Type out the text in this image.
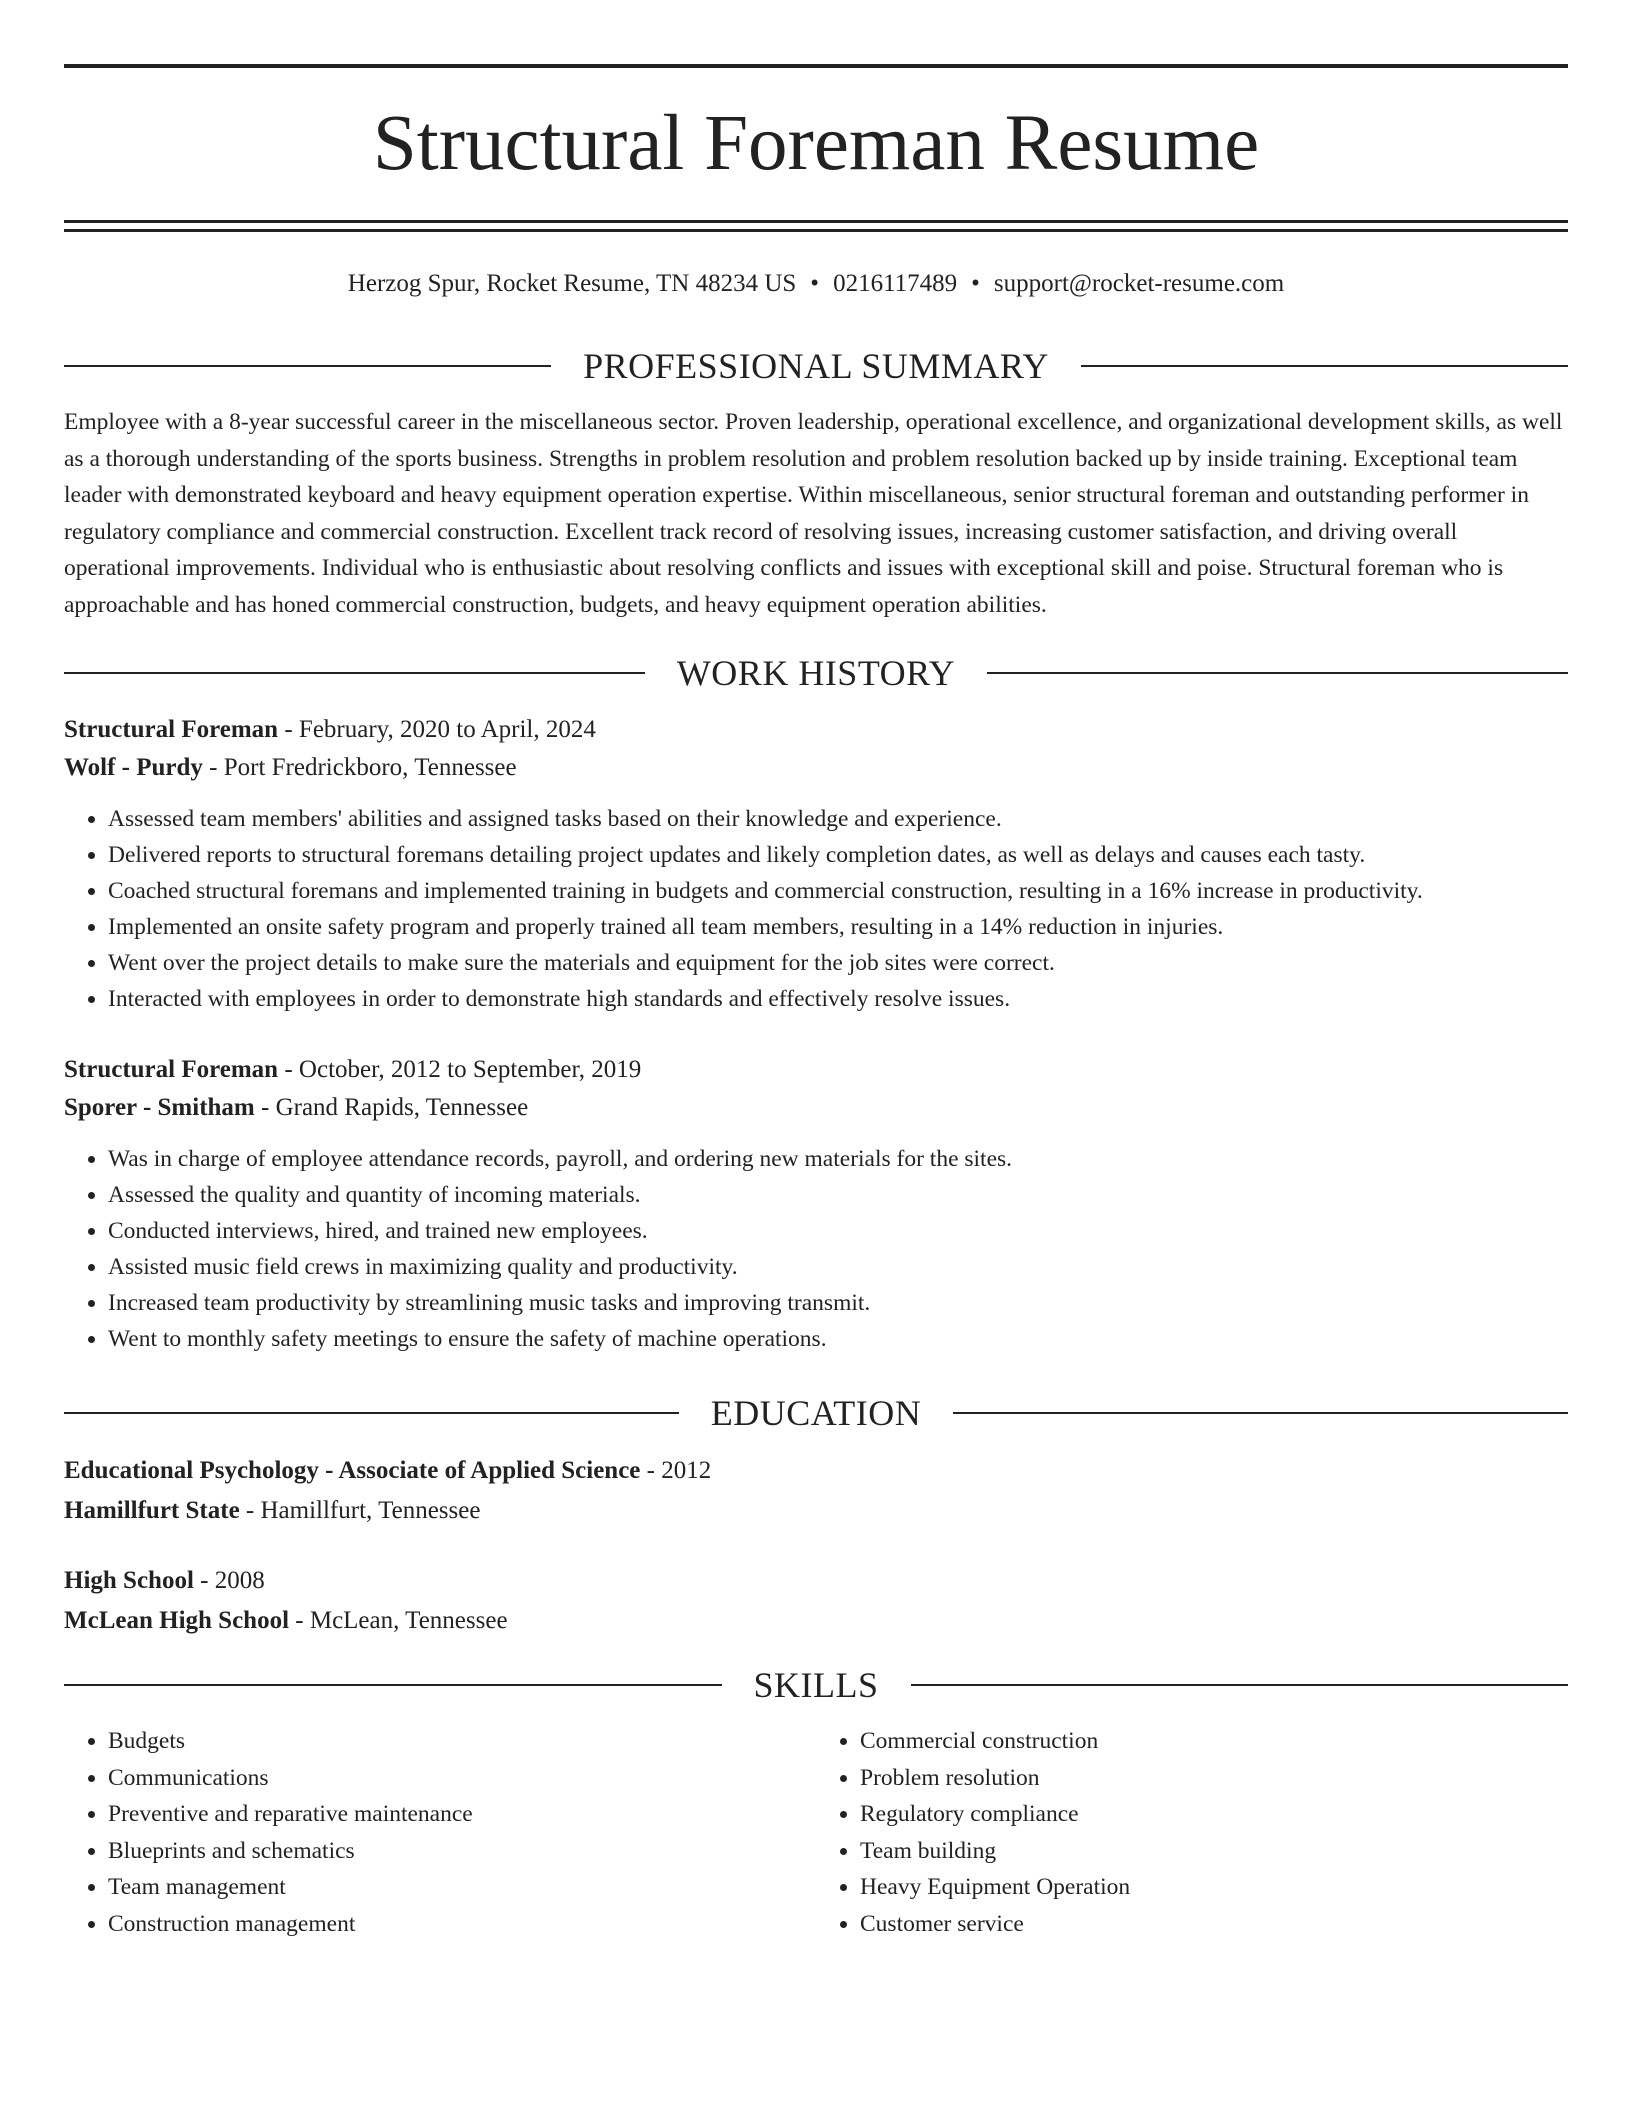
Structural Foreman Resume
Herzog Spur, Rocket Resume, TN 48234 US • 0216117489 • support@rocket-resume.com
PROFESSIONAL SUMMARY

Employee with a 8-year successful career in the miscellaneous sector. Proven leadership, operational excellence, and organizational development skills, as well as a thorough understanding of the sports business. Strengths in problem resolution and problem resolution backed up by inside training. Exceptional team leader with demonstrated keyboard and heavy equipment operation expertise. Within miscellaneous, senior structural foreman and outstanding performer in regulatory compliance and commercial construction. Excellent track record of resolving issues, increasing customer satisfaction, and driving overall operational improvements. Individual who is enthusiastic about resolving conflicts and issues with exceptional skill and poise. Structural foreman who is approachable and has honed commercial construction, budgets, and heavy equipment operation abilities.

WORK HISTORY
Structural Foreman - February, 2020 to April, 2024
Wolf - Purdy - Port Fredrickboro, Tennessee
• Assessed team members' abilities and assigned tasks based on their knowledge and experience.
• Delivered reports to structural foremans detailing project updates and likely completion dates, as well as delays and causes each tasty.
• Coached structural foremans and implemented training in budgets and commercial construction, resulting in a 16% increase in productivity.
• Implemented an onsite safety program and properly trained all team members, resulting in a 14% reduction in injuries.
• Went over the project details to make sure the materials and equipment for the job sites were correct.
• Interacted with employees in order to demonstrate high standards and effectively resolve issues.
Structural Foreman - October, 2012 to September, 2019
Sporer - Smitham - Grand Rapids, Tennessee
• Was in charge of employee attendance records, payroll, and ordering new materials for the sites.
• Assessed the quality and quantity of incoming materials.
• Conducted interviews, hired, and trained new employees.
• Assisted music field crews in maximizing quality and productivity.
• Increased team productivity by streamlining music tasks and improving transmit.
• Went to monthly safety meetings to ensure the safety of machine operations.
EDUCATION
Educational Psychology - Associate of Applied Science - 2012
Hamillfurt State - Hamillfurt, Tennessee
High School - 2008
McLean High School - McLean, Tennessee
SKILLS
• Budgets
• Communications
• Preventive and reparative maintenance
• Blueprints and schematics
• Team management
• Construction management
• Commercial construction
• Problem resolution
• Regulatory compliance
• Team building
• Heavy Equipment Operation
• Customer service
